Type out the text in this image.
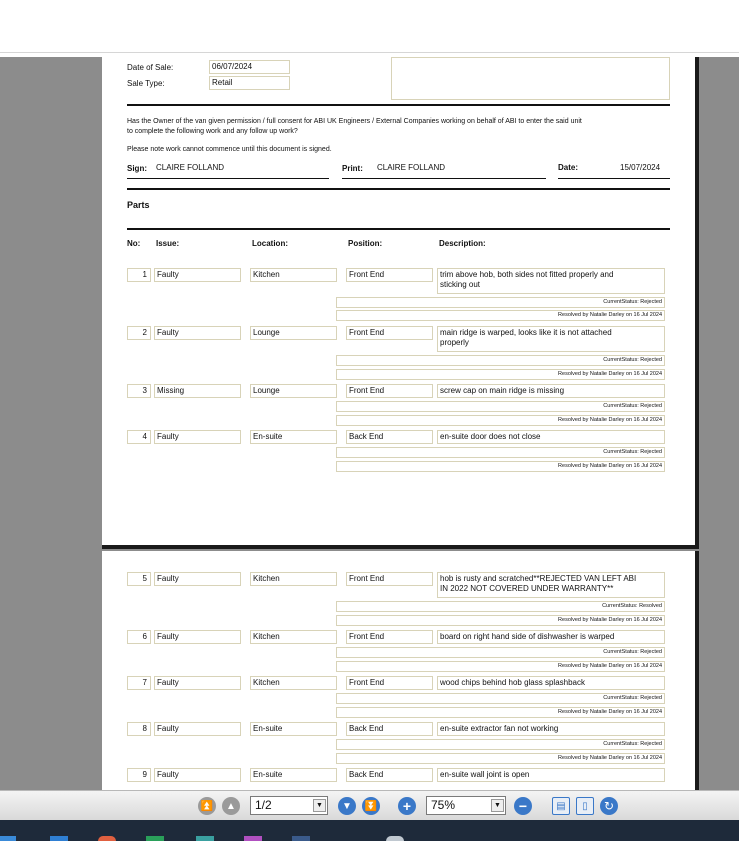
Date of Sale:	06/07/2024
Sale Type:	Retail
Has the Owner of the van given permission / full consent for ABI UK Engineers / External Companies working on behalf of ABI to enter the said unit
to complete the following work and any follow up work?
Please note work cannot commence until this document is signed.
Sign: CLAIRE FOLLAND	Print: CLAIRE FOLLAND	Date:	15/07/2024
Parts
No: Issue:	Location:	Position:	Description:
1	Faulty	Kitchen	Front End	trim above hob, both sides not fitted properly and
sticking out
CurrentStatus: Rejected
Resolved by Natalie Darley on 16 Jul 2024
2	Faulty	Lounge	Front End	main ridge is warped, looks like it is not attached
properly
CurrentStatus: Rejected
Resolved by Natalie Darley on 16 Jul 2024
3	Missing	Lounge	Front End	screw cap on main ridge is missing
CurrentStatus: Rejected
Resolved by Natalie Darley on 16 Jul 2024
4	Faulty	En-suite	Back End	en-suite door does not close
CurrentStatus: Rejected
Resolved by Natalie Darley on 16 Jul 2024
5	Faulty	Kitchen	Front End	hob is rusty and scratched**REJECTED VAN LEFT ABI
IN 2022 NOT COVERED UNDER WARRANTY**
CurrentStatus: Resolved
Resolved by Natalie Darley on 16 Jul 2024
6	Faulty	Kitchen	Front End	board on right hand side of dishwasher is warped
CurrentStatus: Rejected
Resolved by Natalie Darley on 16 Jul 2024
7	Faulty	Kitchen	Front End	wood chips behind hob glass splashback
CurrentStatus: Rejected
Resolved by Natalie Darley on 16 Jul 2024
8	Faulty	En-suite	Back End	en-suite extractor fan not working
CurrentStatus: Rejected
Resolved by Natalie Darley on 16 Jul 2024
9	Faulty	En-suite	Back End	en-suite wall joint is open
⏫	▲	1/2	▼	▼	⏬	+	75%	▼	−	▤	▯	↻
